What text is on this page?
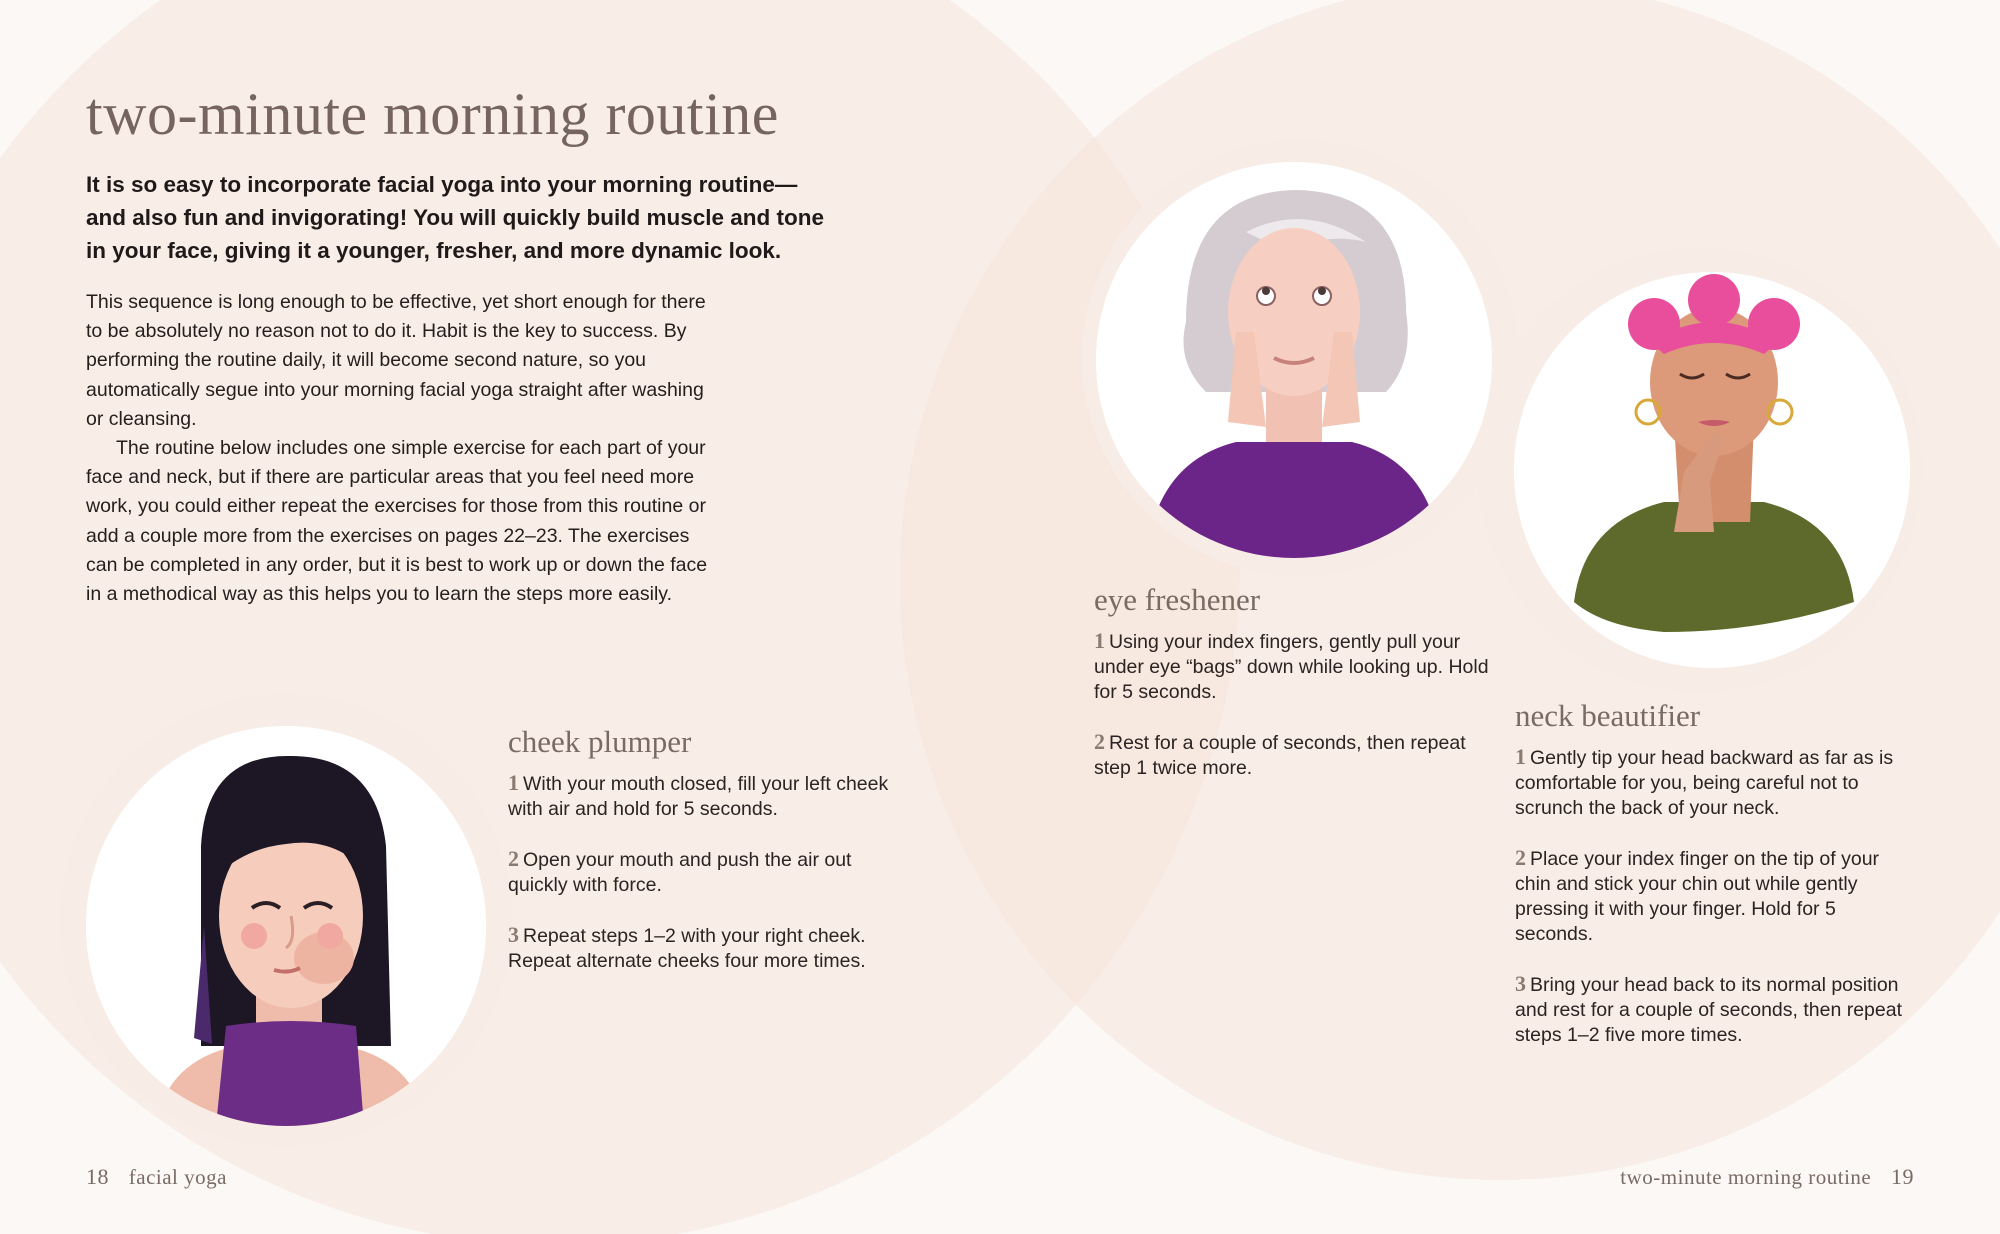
two-minute morning routine

It is so easy to incorporate facial yoga into your morning routine—and also fun and invigorating! You will quickly build muscle and tone in your face, giving it a younger, fresher, and more dynamic look.

This sequence is long enough to be effective, yet short enough for there to be absolutely no reason not to do it. Habit is the key to success. By performing the routine daily, it will become second nature, so you automatically segue into your morning facial yoga straight after washing or cleansing.

The routine below includes one simple exercise for each part of your face and neck, but if there are particular areas that you feel need more work, you could either repeat the exercises for those from this routine or add a couple more from the exercises on pages 22–23. The exercises can be completed in any order, but it is best to work up or down the face in a methodical way as this helps you to learn the steps more easily.

cheek plumper

1 With your mouth closed, fill your left cheek with air and hold for 5 seconds.

2 Open your mouth and push the air out quickly with force.

3 Repeat steps 1–2 with your right cheek. Repeat alternate cheeks four more times.

eye freshener

1 Using your index fingers, gently pull your under eye “bags” down while looking up. Hold for 5 seconds.

2 Rest for a couple of seconds, then repeat step 1 twice more.

neck beautifier

1 Gently tip your head backward as far as is comfortable for you, being careful not to scrunch the back of your neck.

2 Place your index finger on the tip of your chin and stick your chin out while gently pressing it with your finger. Hold for 5 seconds.

3 Bring your head back to its normal position and rest for a couple of seconds, then repeat steps 1–2 five more times.

18 facial yoga	two-minute morning routine 19
